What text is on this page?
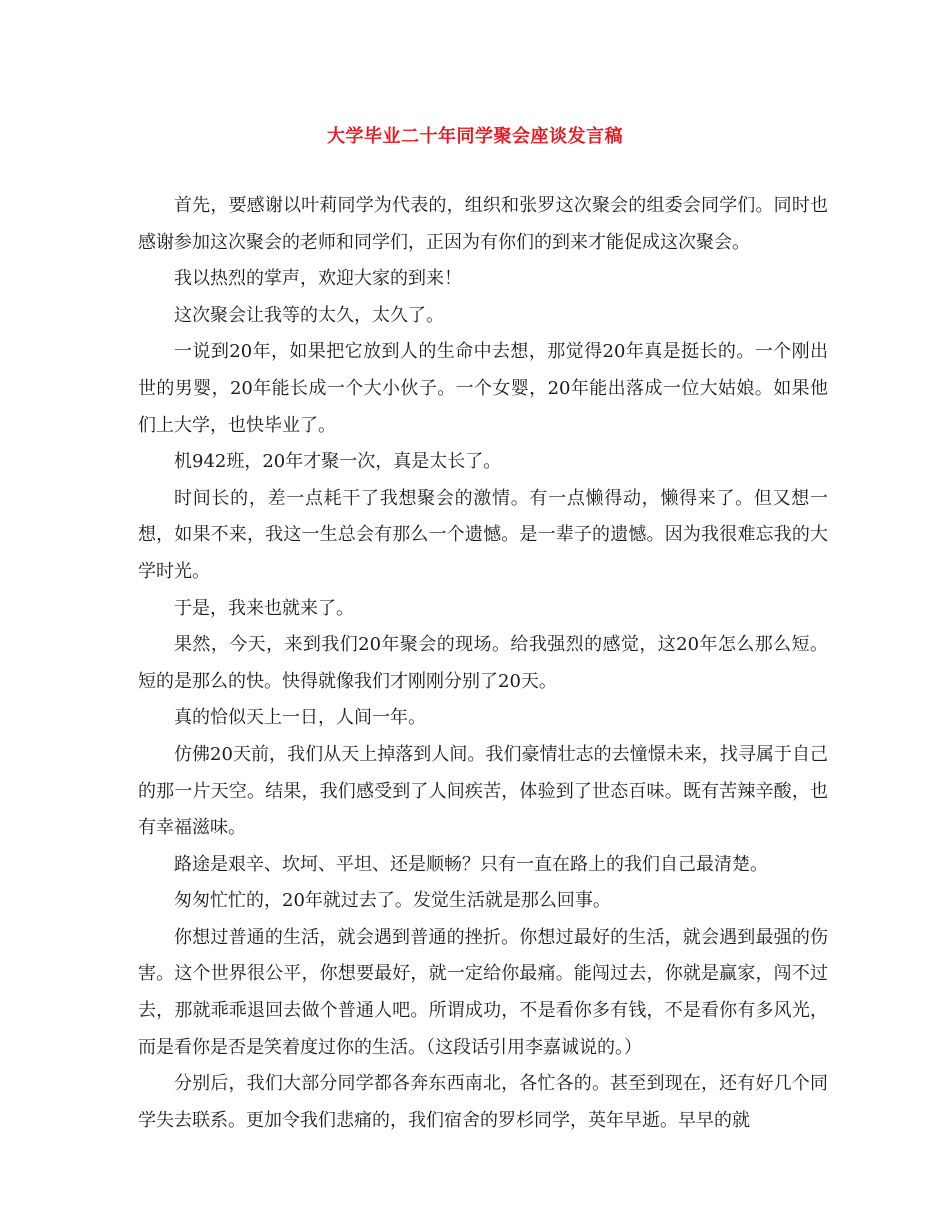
大学毕业二十年同学聚会座谈发言稿

首先，要感谢以叶莉同学为代表的，组织和张罗这次聚会的组委会同学们。同时也感谢参加这次聚会的老师和同学们，正因为有你们的到来才能促成这次聚会。

我以热烈的掌声，欢迎大家的到来！

这次聚会让我等的太久，太久了。

一说到20年，如果把它放到人的生命中去想，那觉得20年真是挺长的。一个刚出世的男婴，20年能长成一个大小伙子。一个女婴，20年能出落成一位大姑娘。如果他们上大学，也快毕业了。

机942班，20年才聚一次，真是太长了。

时间长的，差一点耗干了我想聚会的激情。有一点懒得动，懒得来了。但又想一想，如果不来，我这一生总会有那么一个遗憾。是一辈子的遗憾。因为我很难忘我的大学时光。

于是，我来也就来了。

果然，今天，来到我们20年聚会的现场。给我强烈的感觉，这20年怎么那么短。短的是那么的快。快得就像我们才刚刚分别了20天。

真的恰似天上一日，人间一年。

仿佛20天前，我们从天上掉落到人间。我们豪情壮志的去憧憬未来，找寻属于自己的那一片天空。结果，我们感受到了人间疾苦，体验到了世态百味。既有苦辣辛酸，也有幸福滋味。

路途是艰辛、坎坷、平坦、还是顺畅？只有一直在路上的我们自己最清楚。

匆匆忙忙的，20年就过去了。发觉生活就是那么回事。

你想过普通的生活，就会遇到普通的挫折。你想过最好的生活，就会遇到最强的伤害。这个世界很公平，你想要最好，就一定给你最痛。能闯过去，你就是赢家，闯不过去，那就乖乖退回去做个普通人吧。所谓成功，不是看你多有钱，不是看你有多风光，而是看你是否是笑着度过你的生活。（这段话引用李嘉诚说的。）

分别后，我们大部分同学都各奔东西南北，各忙各的。甚至到现在，还有好几个同学失去联系。更加令我们悲痛的，我们宿舍的罗杉同学，英年早逝。早早的就
